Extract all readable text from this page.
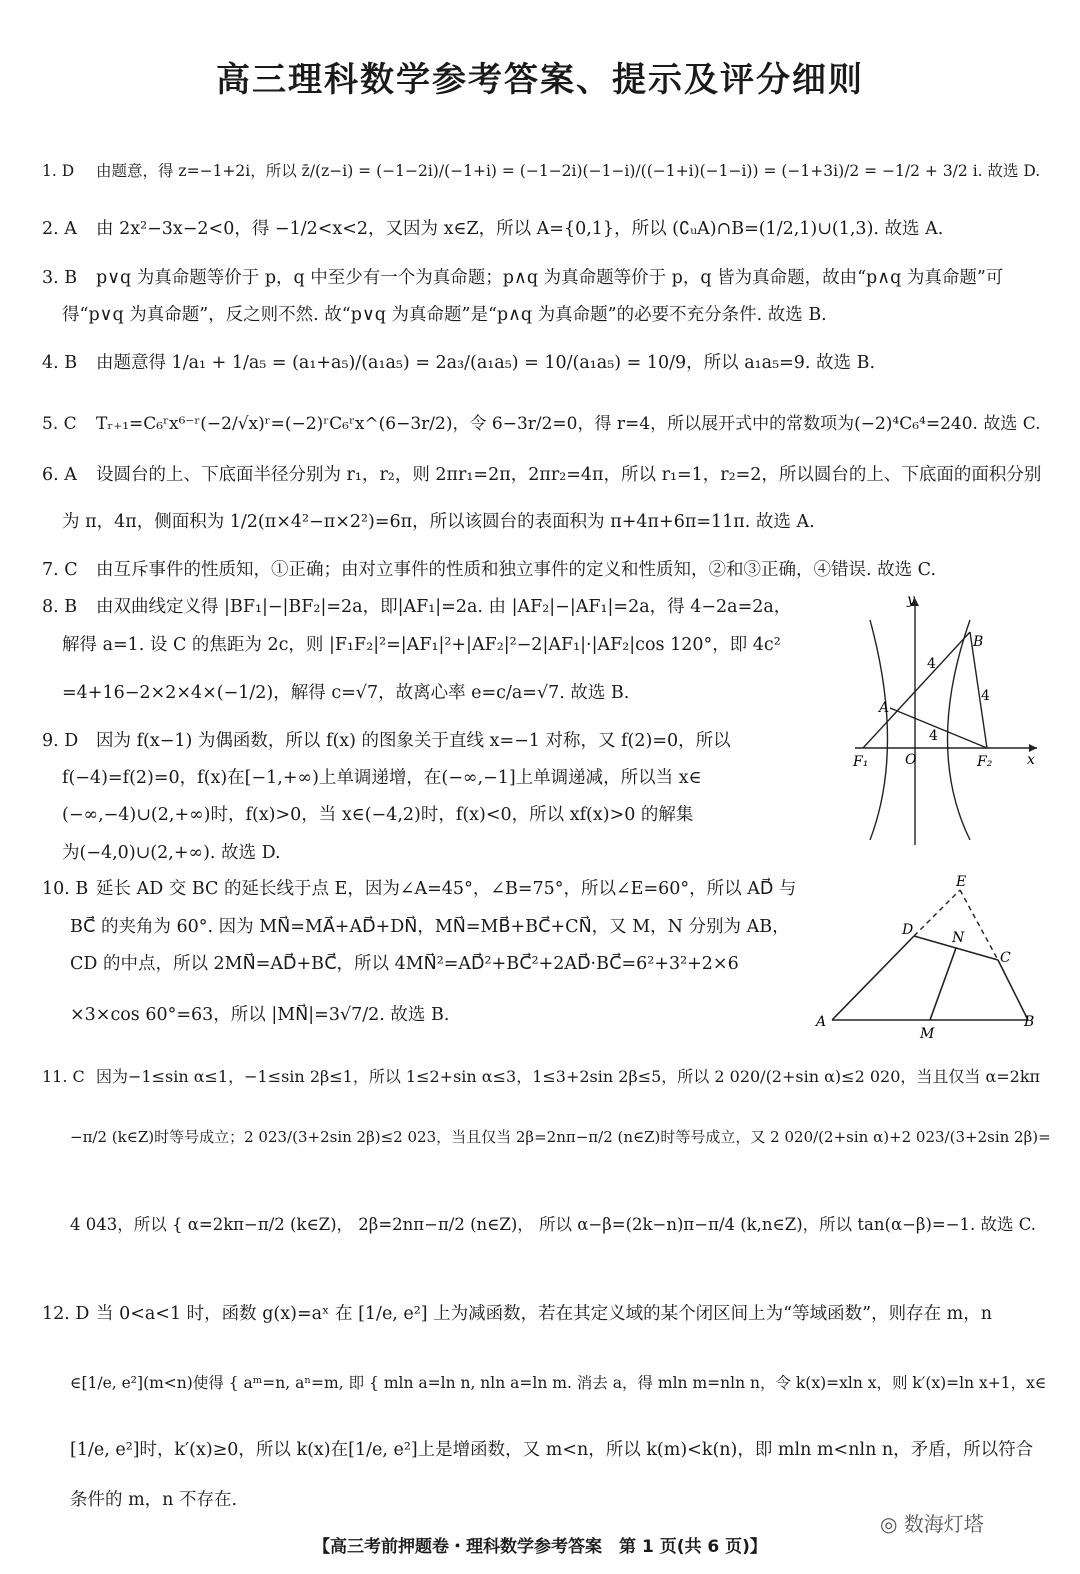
高三理科数学参考答案、提示及评分细则
1. D 由题意，得 z=−1+2i，所以 z̄/(z−i) = (−1−2i)/(−1+i) = (−1−2i)(−1−i)/((−1+i)(−1−i)) = (−1+3i)/2 = −1/2 + 3/2 i. 故选 D.
2. A 由 2x²−3x−2<0，得 −1/2<x<2，又因为 x∈Z，所以 A={0,1}，所以 (∁ᵤA)∩B=(1/2,1)∪(1,3). 故选 A.
3. B p∨q 为真命题等价于 p，q 中至少有一个为真命题；p∧q 为真命题等价于 p，q 皆为真命题，故由“p∧q 为真命题”可
得“p∨q 为真命题”，反之则不然. 故“p∨q 为真命题”是“p∧q 为真命题”的必要不充分条件. 故选 B.
4. B 由题意得 1/a₁ + 1/a₅ = (a₁+a₅)/(a₁a₅) = 2a₃/(a₁a₅) = 10/(a₁a₅) = 10/9，所以 a₁a₅=9. 故选 B.
5. C Tᵣ₊₁=C₆ʳx⁶⁻ʳ(−2/√x)ʳ=(−2)ʳC₆ʳx^(6−3r/2)，令 6−3r/2=0，得 r=4，所以展开式中的常数项为(−2)⁴C₆⁴=240. 故选 C.
6. A 设圆台的上、下底面半径分别为 r₁，r₂，则 2πr₁=2π，2πr₂=4π，所以 r₁=1，r₂=2，所以圆台的上、下底面的面积分别
为 π，4π，侧面积为 1/2(π×4²−π×2²)=6π，所以该圆台的表面积为 π+4π+6π=11π. 故选 A.
7. C 由互斥事件的性质知，①正确；由对立事件的性质和独立事件的定义和性质知，②和③正确，④错误. 故选 C.
8. B 由双曲线定义得 |BF₁|−|BF₂|=2a，即|AF₁|=2a. 由 |AF₂|−|AF₁|=2a，得 4−2a=2a，
解得 a=1. 设 C 的焦距为 2c，则 |F₁F₂|²=|AF₁|²+|AF₂|²−2|AF₁|·|AF₂|cos 120°，即 4c²
=4+16−2×2×4×(−1/2)，解得 c=√7，故离心率 e=c/a=√7. 故选 B.
9. D 因为 f(x−1) 为偶函数，所以 f(x) 的图象关于直线 x=−1 对称，又 f(2)=0，所以
f(−4)=f(2)=0，f(x)在[−1,+∞)上单调递增，在(−∞,−1]上单调递减，所以当 x∈
(−∞,−4)∪(2,+∞)时，f(x)>0，当 x∈(−4,2)时，f(x)<0，所以 xf(x)>0 的解集
为(−4,0)∪(2,+∞). 故选 D.
10. B 延长 AD 交 BC 的延长线于点 E，因为∠A=45°，∠B=75°，所以∠E=60°，所以 AD⃗ 与
BC⃗ 的夹角为 60°. 因为 MN⃗=MA⃗+AD⃗+DN⃗，MN⃗=MB⃗+BC⃗+CN⃗，又 M，N 分别为 AB，
CD 的中点，所以 2MN⃗=AD⃗+BC⃗，所以 4MN⃗²=AD⃗²+BC⃗²+2AD⃗·BC⃗=6²+3²+2×6
×3×cos 60°=63，所以 |MN⃗|=3√7/2. 故选 B.
11. C 因为−1≤sin α≤1，−1≤sin 2β≤1，所以 1≤2+sin α≤3，1≤3+2sin 2β≤5，所以 2 020/(2+sin α)≤2 020，当且仅当 α=2kπ
−π/2 (k∈Z)时等号成立；2 023/(3+2sin 2β)≤2 023，当且仅当 2β=2nπ−π/2 (n∈Z)时等号成立，又 2 020/(2+sin α)+2 023/(3+2sin 2β)=
4 043，所以 { α=2kπ−π/2 (k∈Z)， 2β=2nπ−π/2 (n∈Z)， 所以 α−β=(2k−n)π−π/4 (k,n∈Z)，所以 tan(α−β)=−1. 故选 C.
12. D 当 0<a<1 时，函数 g(x)=aˣ 在 [1/e, e²] 上为减函数，若在其定义域的某个闭区间上为“等域函数”，则存在 m，n
∈[1/e, e²](m<n)使得 { aᵐ=n, aⁿ=m, 即 { mln a=ln n, nln a=ln m. 消去 a，得 mln m=nln n，令 k(x)=xln x，则 k′(x)=ln x+1，x∈
[1/e, e²]时，k′(x)≥0，所以 k(x)在[1/e, e²]上是增函数，又 m<n，所以 k(m)<k(n)，即 mln m<nln n，矛盾，所以符合
条件的 m，n 不存在.
y
x
O
A
B
F₁	F₂
4
4
4
E
D	N
C
A
M
B
◎ 数海灯塔
【高三考前押题卷・理科数学参考答案　第 1 页(共 6 页)】
